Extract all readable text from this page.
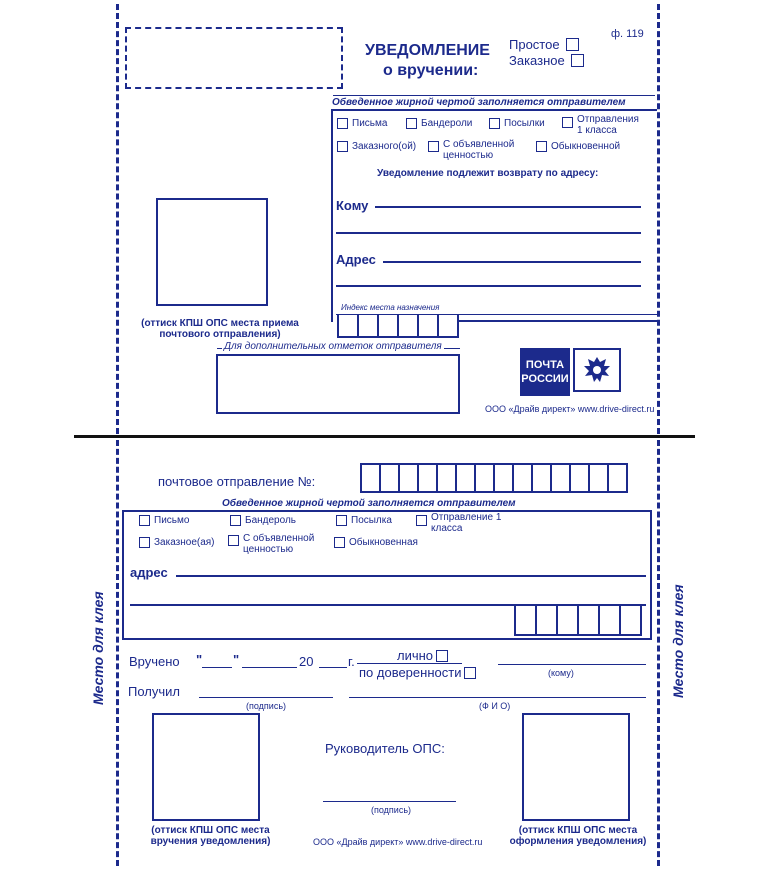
УВЕДОМЛЕНИЕ
о вручении:
ф. 119
Простое
Заказное
Обведенное жирной чертой заполняется отправителем
Письма	Бандероли	Посылки	Отправления 1 класса
Заказного(ой)	С объявленной ценностью
Обыкновенной
Уведомление подлежит возврату по адресу:
Кому
Адрес
Индекс места назначения
(оттиск КПШ ОПС места приема почтового отправления)
Для дополнительных отметок отправителя
ПОЧТА
РОССИИ
ООО «Драйв директ» www.drive-direct.ru
почтовое отправление №:
Обведенное жирной чертой заполняется отправителем
Письмо	Бандероль	Посылка	Отправление 1 класса
Заказное(ая)	С объявленной ценностью
Обыкновенная
адрес
Вручено " "	20	г.	лично
по доверенности	(кому)
Получил
(подпись)	(Ф И О)
(оттиск КПШ ОПС места вручения уведомления)
Руководитель ОПС:
(подпись)
ООО «Драйв директ» www.drive-direct.ru
(оттиск КПШ ОПС места оформления уведомления)
Место для клея	Место для клея
